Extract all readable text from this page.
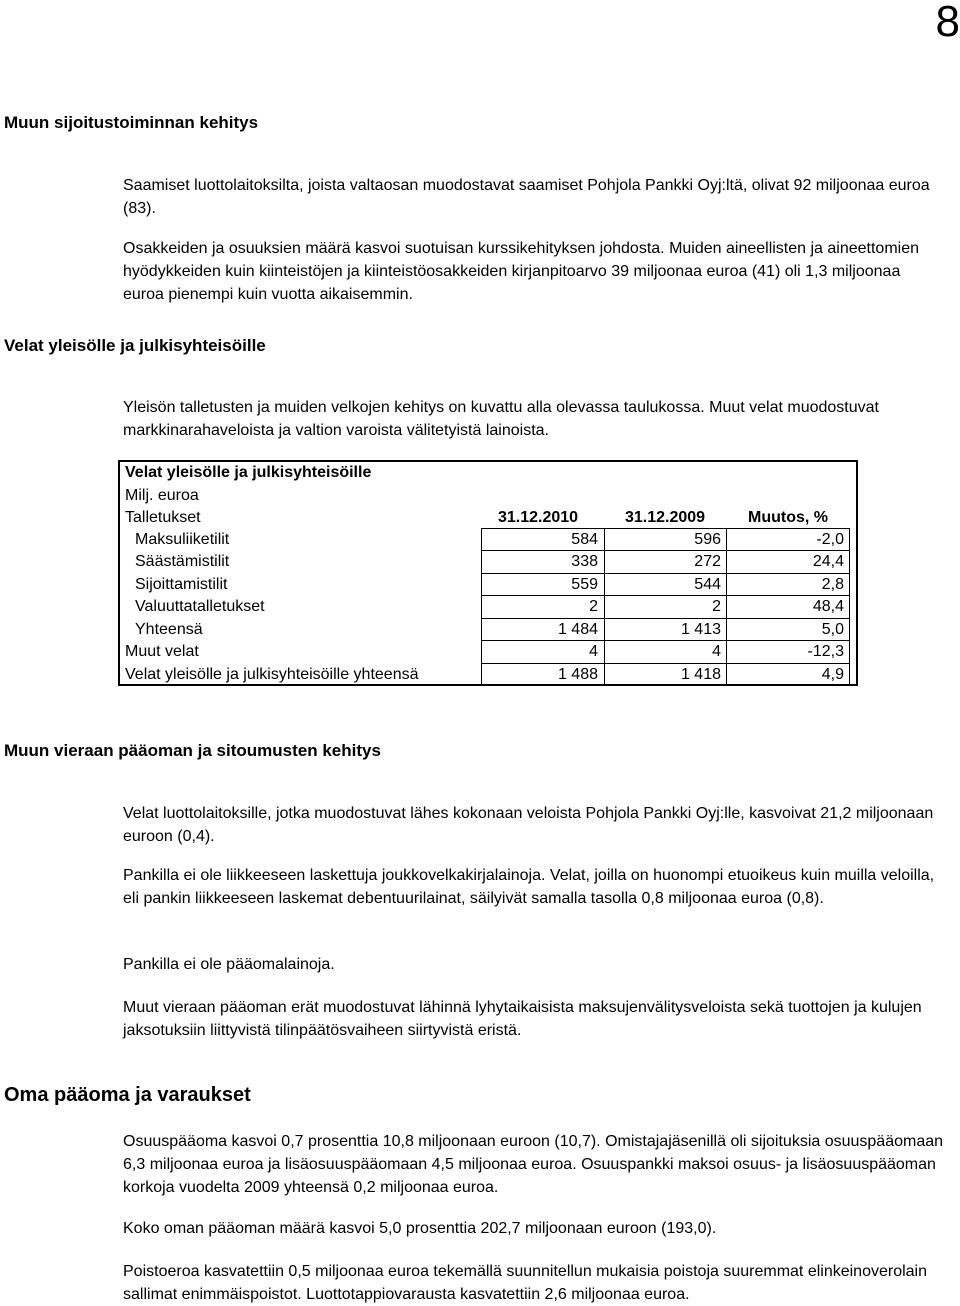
8
Muun sijoitustoiminnan kehitys

Saamiset luottolaitoksilta, joista valtaosan muodostavat saamiset Pohjola Pankki Oyj:ltä, olivat 92 miljoonaa euroa (83).

Osakkeiden ja osuuksien määrä kasvoi suotuisan kurssikehityksen johdosta. Muiden aineellisten ja aineettomien hyödykkeiden kuin kiinteistöjen ja kiinteistöosakkeiden kirjanpitoarvo 39 miljoonaa euroa (41) oli 1,3 miljoonaa euroa pienempi kuin vuotta aikaisemmin.

Velat yleisölle ja julkisyhteisöille

Yleisön talletusten ja muiden velkojen kehitys on kuvattu alla olevassa taulukossa. Muut velat muodostuvat markkinarahaveloista ja valtion varoista välitetyistä lainoista.

Velat yleisölle ja julkisyhteisöille
Milj. euroa
Talletukset	31.12.2010	31.12.2009	Muutos, %
Maksuliiketilit	584	596	-2,0
Säästämistilit	338	272	24,4
Sijoittamistilit	559	544	2,8
Valuuttatalletukset	2	2	48,4
Yhteensä	1 484	1 413	5,0
Muut velat	4	4	-12,3
Velat yleisölle ja julkisyhteisöille yhteensä	1 488	1 418	4,9
Muun vieraan pääoman ja sitoumusten kehitys

Velat luottolaitoksille, jotka muodostuvat lähes kokonaan veloista Pohjola Pankki Oyj:lle, kasvoivat 21,2 miljoonaan euroon (0,4).

Pankilla ei ole liikkeeseen laskettuja joukkovelkakirjalainoja. Velat, joilla on huonompi etuoikeus kuin muilla veloilla, eli pankin liikkeeseen laskemat debentuurilainat, säilyivät samalla tasolla 0,8 miljoonaa euroa (0,8).

Pankilla ei ole pääomalainoja.

Muut vieraan pääoman erät muodostuvat lähinnä lyhytaikaisista maksujenvälitysveloista sekä tuottojen ja kulujen jaksotuksiin liittyvistä tilinpäätösvaiheen siirtyvistä eristä.

Oma pääoma ja varaukset

Osuuspääoma kasvoi 0,7 prosenttia 10,8 miljoonaan euroon (10,7). Omistajajäsenillä oli sijoituksia osuuspääomaan 6,3 miljoonaa euroa ja lisäosuuspääomaan 4,5 miljoonaa euroa. Osuuspankki maksoi osuus- ja lisäosuuspääoman korkoja vuodelta 2009 yhteensä 0,2 miljoonaa euroa.

Koko oman pääoman määrä kasvoi 5,0 prosenttia 202,7 miljoonaan euroon (193,0).

Poistoeroa kasvatettiin 0,5 miljoonaa euroa tekemällä suunnitellun mukaisia poistoja suuremmat elinkeinoverolain sallimat enimmäispoistot. Luottotappiovarausta kasvatettiin 2,6 miljoonaa euroa.
